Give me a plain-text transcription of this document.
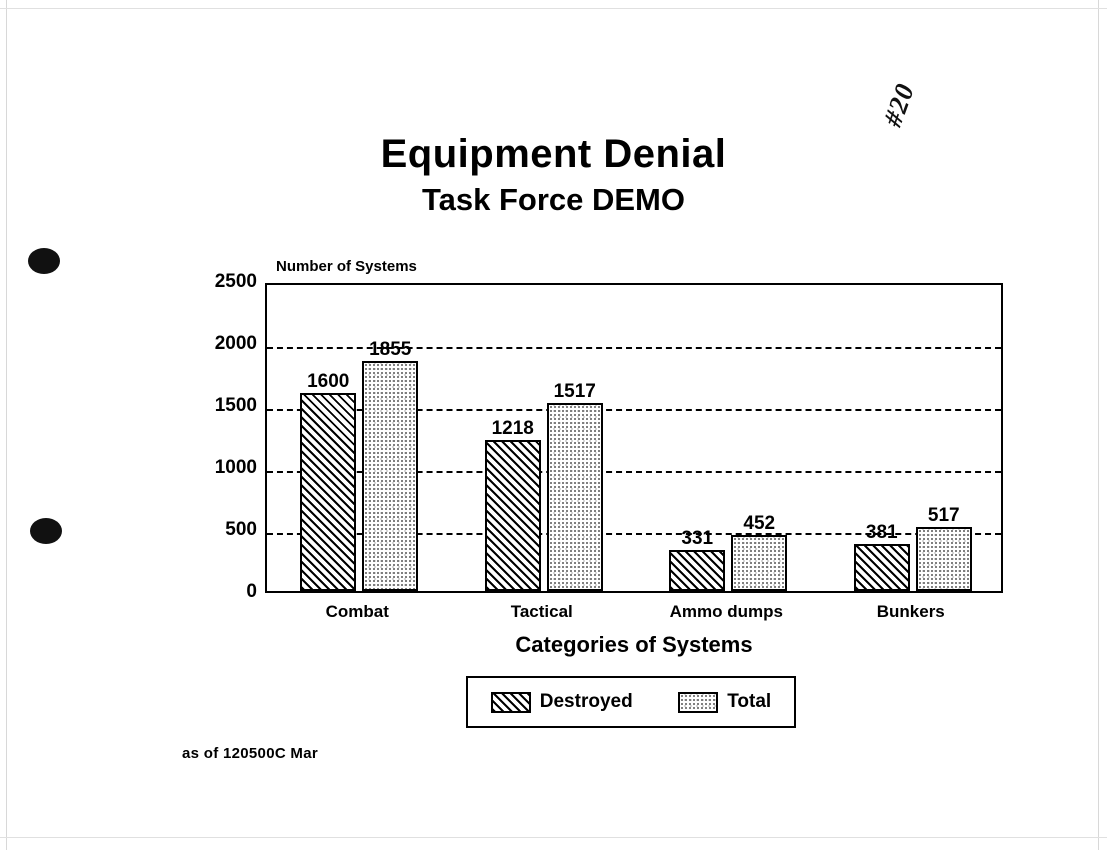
#20
Equipment Denial
Task Force DEMO
Number of Systems
0
500
1000
1500
2000
2500
1600
1855
1218
1517
331
452	381
517
Combat	Tactical	Ammo dumps	Bunkers
Categories of Systems
Destroyed	Total
as of 120500C Mar
